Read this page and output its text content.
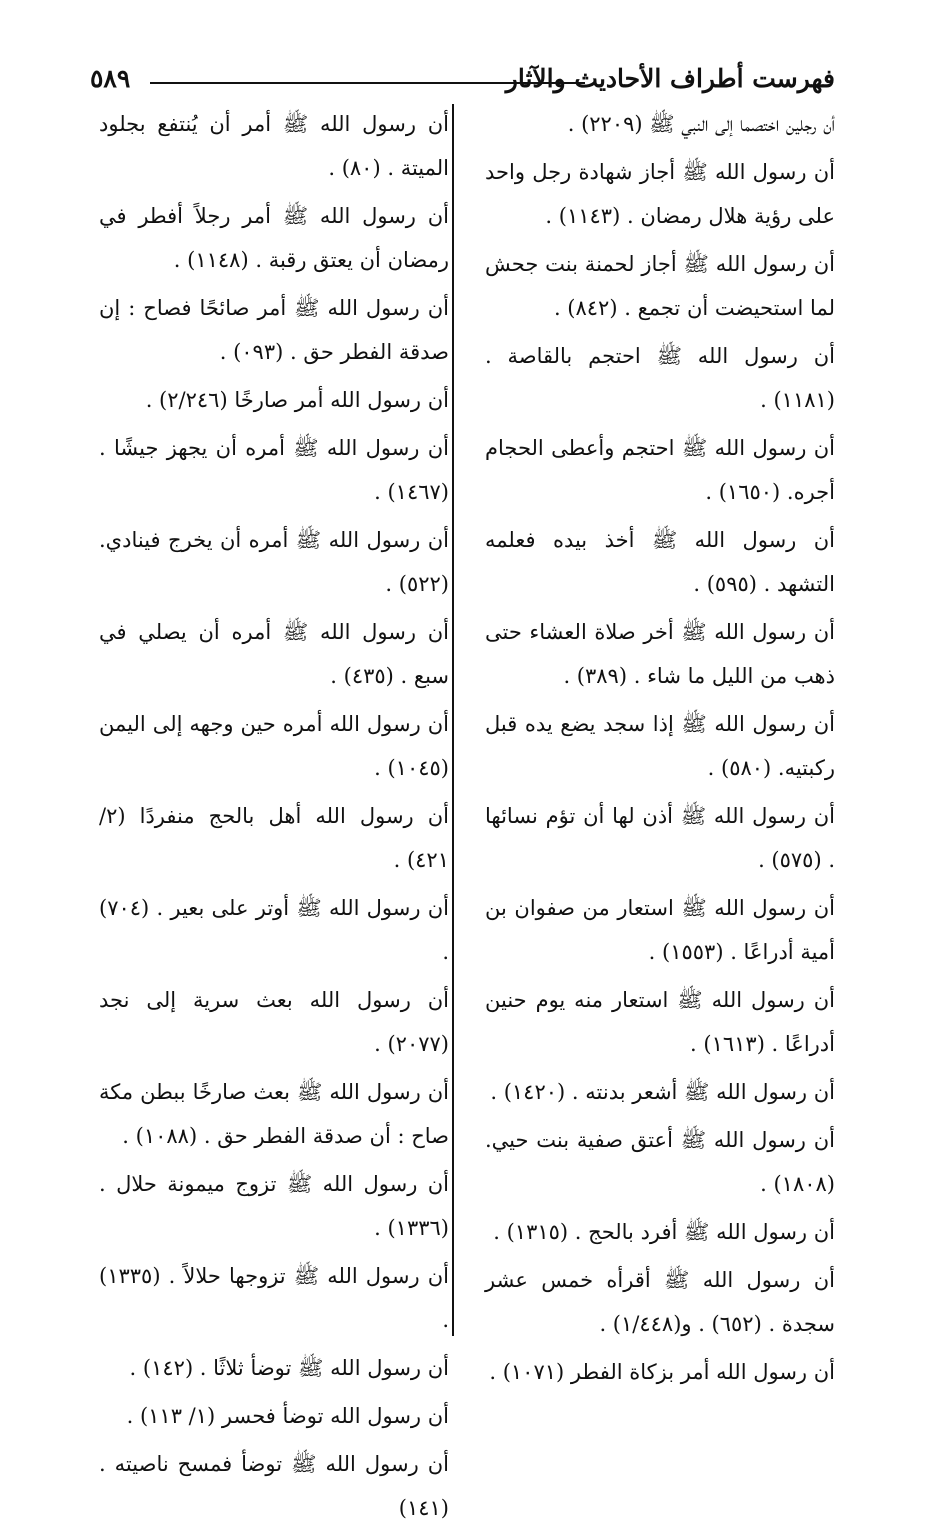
فهرست أطراف الأحاديث والآثار
٥٨٩

أن رجلين اختصما إلى النبي ﷺ (٢٢٠٩) .

أن رسول الله ﷺ أجاز شهادة رجل واحد على رؤية هلال رمضان . (١١٤٣) .

أن رسول الله ﷺ أجاز لحمنة بنت جحش لما استحيضت أن تجمع . (٨٤٢) .

أن رسول الله ﷺ احتجم بالقاصة . (١١٨١) .

أن رسول الله ﷺ احتجم وأعطى الحجام أجره. (١٦٥٠) .

أن رسول الله ﷺ أخذ بيده فعلمه التشهد . (٥٩٥) .

أن رسول الله ﷺ أخر صلاة العشاء حتى ذهب من الليل ما شاء . (٣٨٩) .

أن رسول الله ﷺ إذا سجد يضع يده قبل ركبتيه. (٥٨٠) .

أن رسول الله ﷺ أذن لها أن تؤم نسائها . (٥٧٥) .

أن رسول الله ﷺ استعار من صفوان بن أمية أدراعًا . (١٥٥٣) .

أن رسول الله ﷺ استعار منه يوم حنين أدراعًا . (١٦١٣) .

أن رسول الله ﷺ أشعر بدنته . (١٤٢٠) .

أن رسول الله ﷺ أعتق صفية بنت حيي. (١٨٠٨) .

أن رسول الله ﷺ أفرد بالحج . (١٣١٥) .

أن رسول الله ﷺ أقرأه خمس عشر سجدة . (٦٥٢) . و(١/٤٤٨) .

أن رسول الله أمر بزكاة الفطر (١٠٧١) .

أن رسول الله ﷺ أمر أن يُنتفع بجلود الميتة . (٨٠) .

أن رسول الله ﷺ أمر رجلاً أفطر في رمضان أن يعتق رقبة . (١١٤٨) .

أن رسول الله ﷺ أمر صائحًا فصاح : إن صدقة الفطر حق . (٠٩٣) .

أن رسول الله أمر صارخًا (٢/٢٤٦) .

أن رسول الله ﷺ أمره أن يجهز جيشًا . (١٤٦٧) .

أن رسول الله ﷺ أمره أن يخرج فينادي. (٥٢٢) .

أن رسول الله ﷺ أمره أن يصلي في سبع . (٤٣٥) .

أن رسول الله أمره حين وجهه إلى اليمن (١٠٤٥) .

أن رسول الله أهل بالحج منفردًا (٢/ ٤٢١) .

أن رسول الله ﷺ أوتر على بعير . (٧٠٤) .

أن رسول الله بعث سرية إلى نجد (٢٠٧٧) .

أن رسول الله ﷺ بعث صارخًا ببطن مكة صاح : أن صدقة الفطر حق . (١٠٨٨) .

أن رسول الله ﷺ تزوج ميمونة حلال . (١٣٣٦) .

أن رسول الله ﷺ تزوجها حلالاً . (١٣٣٥) .

أن رسول الله ﷺ توضأ ثلاثًا . (١٤٢) .

أن رسول الله توضأ فحسر (١/ ١١٣) .

أن رسول الله ﷺ توضأ فمسح ناصيته . (١٤١)
